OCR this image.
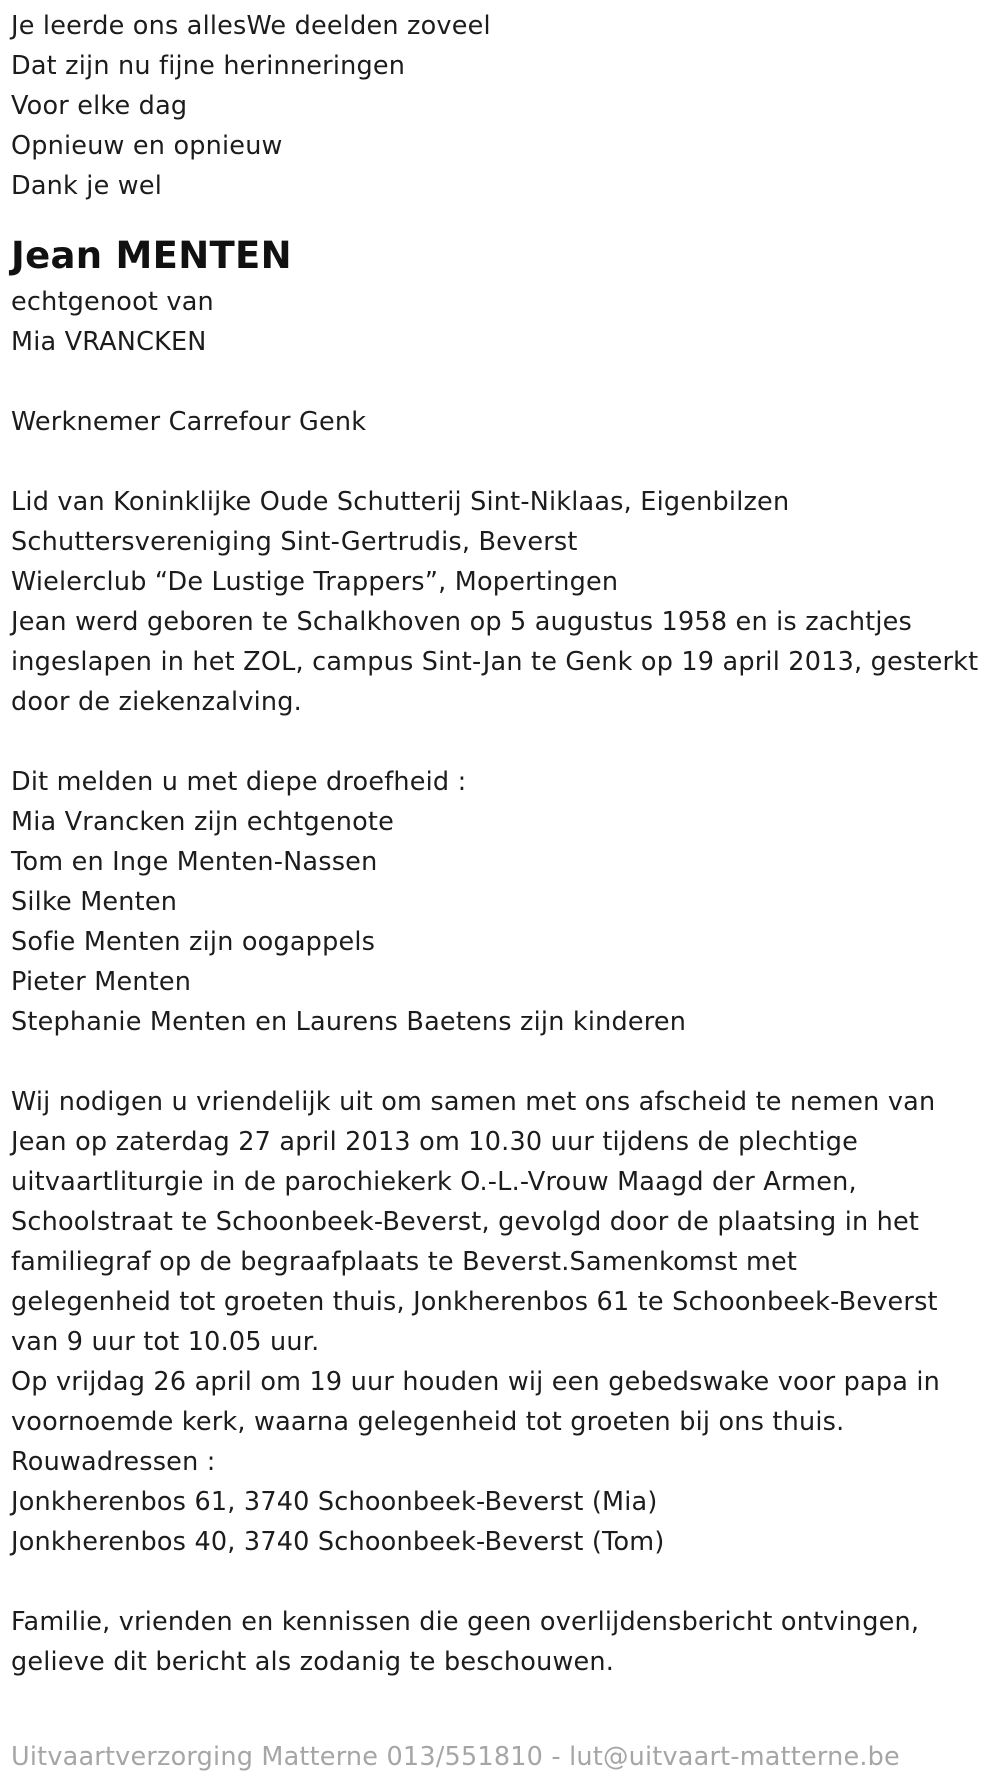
Je leerde ons allesWe deelden zoveel
Dat zijn nu fijne herinneringen
Voor elke dag
Opnieuw en opnieuw
Dank je wel
Jean MENTEN
echtgenoot van
Mia VRANCKEN
Werknemer Carrefour Genk
Lid van Koninklijke Oude Schutterij Sint-Niklaas, Eigenbilzen
Schuttersvereniging Sint-Gertrudis, Beverst
Wielerclub “De Lustige Trappers”, Mopertingen
Jean werd geboren te Schalkhoven op 5 augustus 1958 en is zachtjes
ingeslapen in het ZOL, campus Sint-Jan te Genk op 19 april 2013, gesterkt
door de ziekenzalving.
Dit melden u met diepe droefheid :
Mia Vrancken zijn echtgenote
Tom en Inge Menten-Nassen
Silke Menten
Sofie Menten zijn oogappels
Pieter Menten
Stephanie Menten en Laurens Baetens zijn kinderen
Wij nodigen u vriendelijk uit om samen met ons afscheid te nemen van
Jean op zaterdag 27 april 2013 om 10.30 uur tijdens de plechtige
uitvaartliturgie in de parochiekerk O.-L.-Vrouw Maagd der Armen,
Schoolstraat te Schoonbeek-Beverst, gevolgd door de plaatsing in het
familiegraf op de begraafplaats te Beverst.Samenkomst met
gelegenheid tot groeten thuis, Jonkherenbos 61 te Schoonbeek-Beverst
van 9 uur tot 10.05 uur.
Op vrijdag 26 april om 19 uur houden wij een gebedswake voor papa in
voornoemde kerk, waarna gelegenheid tot groeten bij ons thuis.
Rouwadressen :
Jonkherenbos 61, 3740 Schoonbeek-Beverst (Mia)
Jonkherenbos 40, 3740 Schoonbeek-Beverst (Tom)
Familie, vrienden en kennissen die geen overlijdensbericht ontvingen,
gelieve dit bericht als zodanig te beschouwen.
Uitvaartverzorging Matterne 013/551810 - lut@uitvaart-matterne.be
